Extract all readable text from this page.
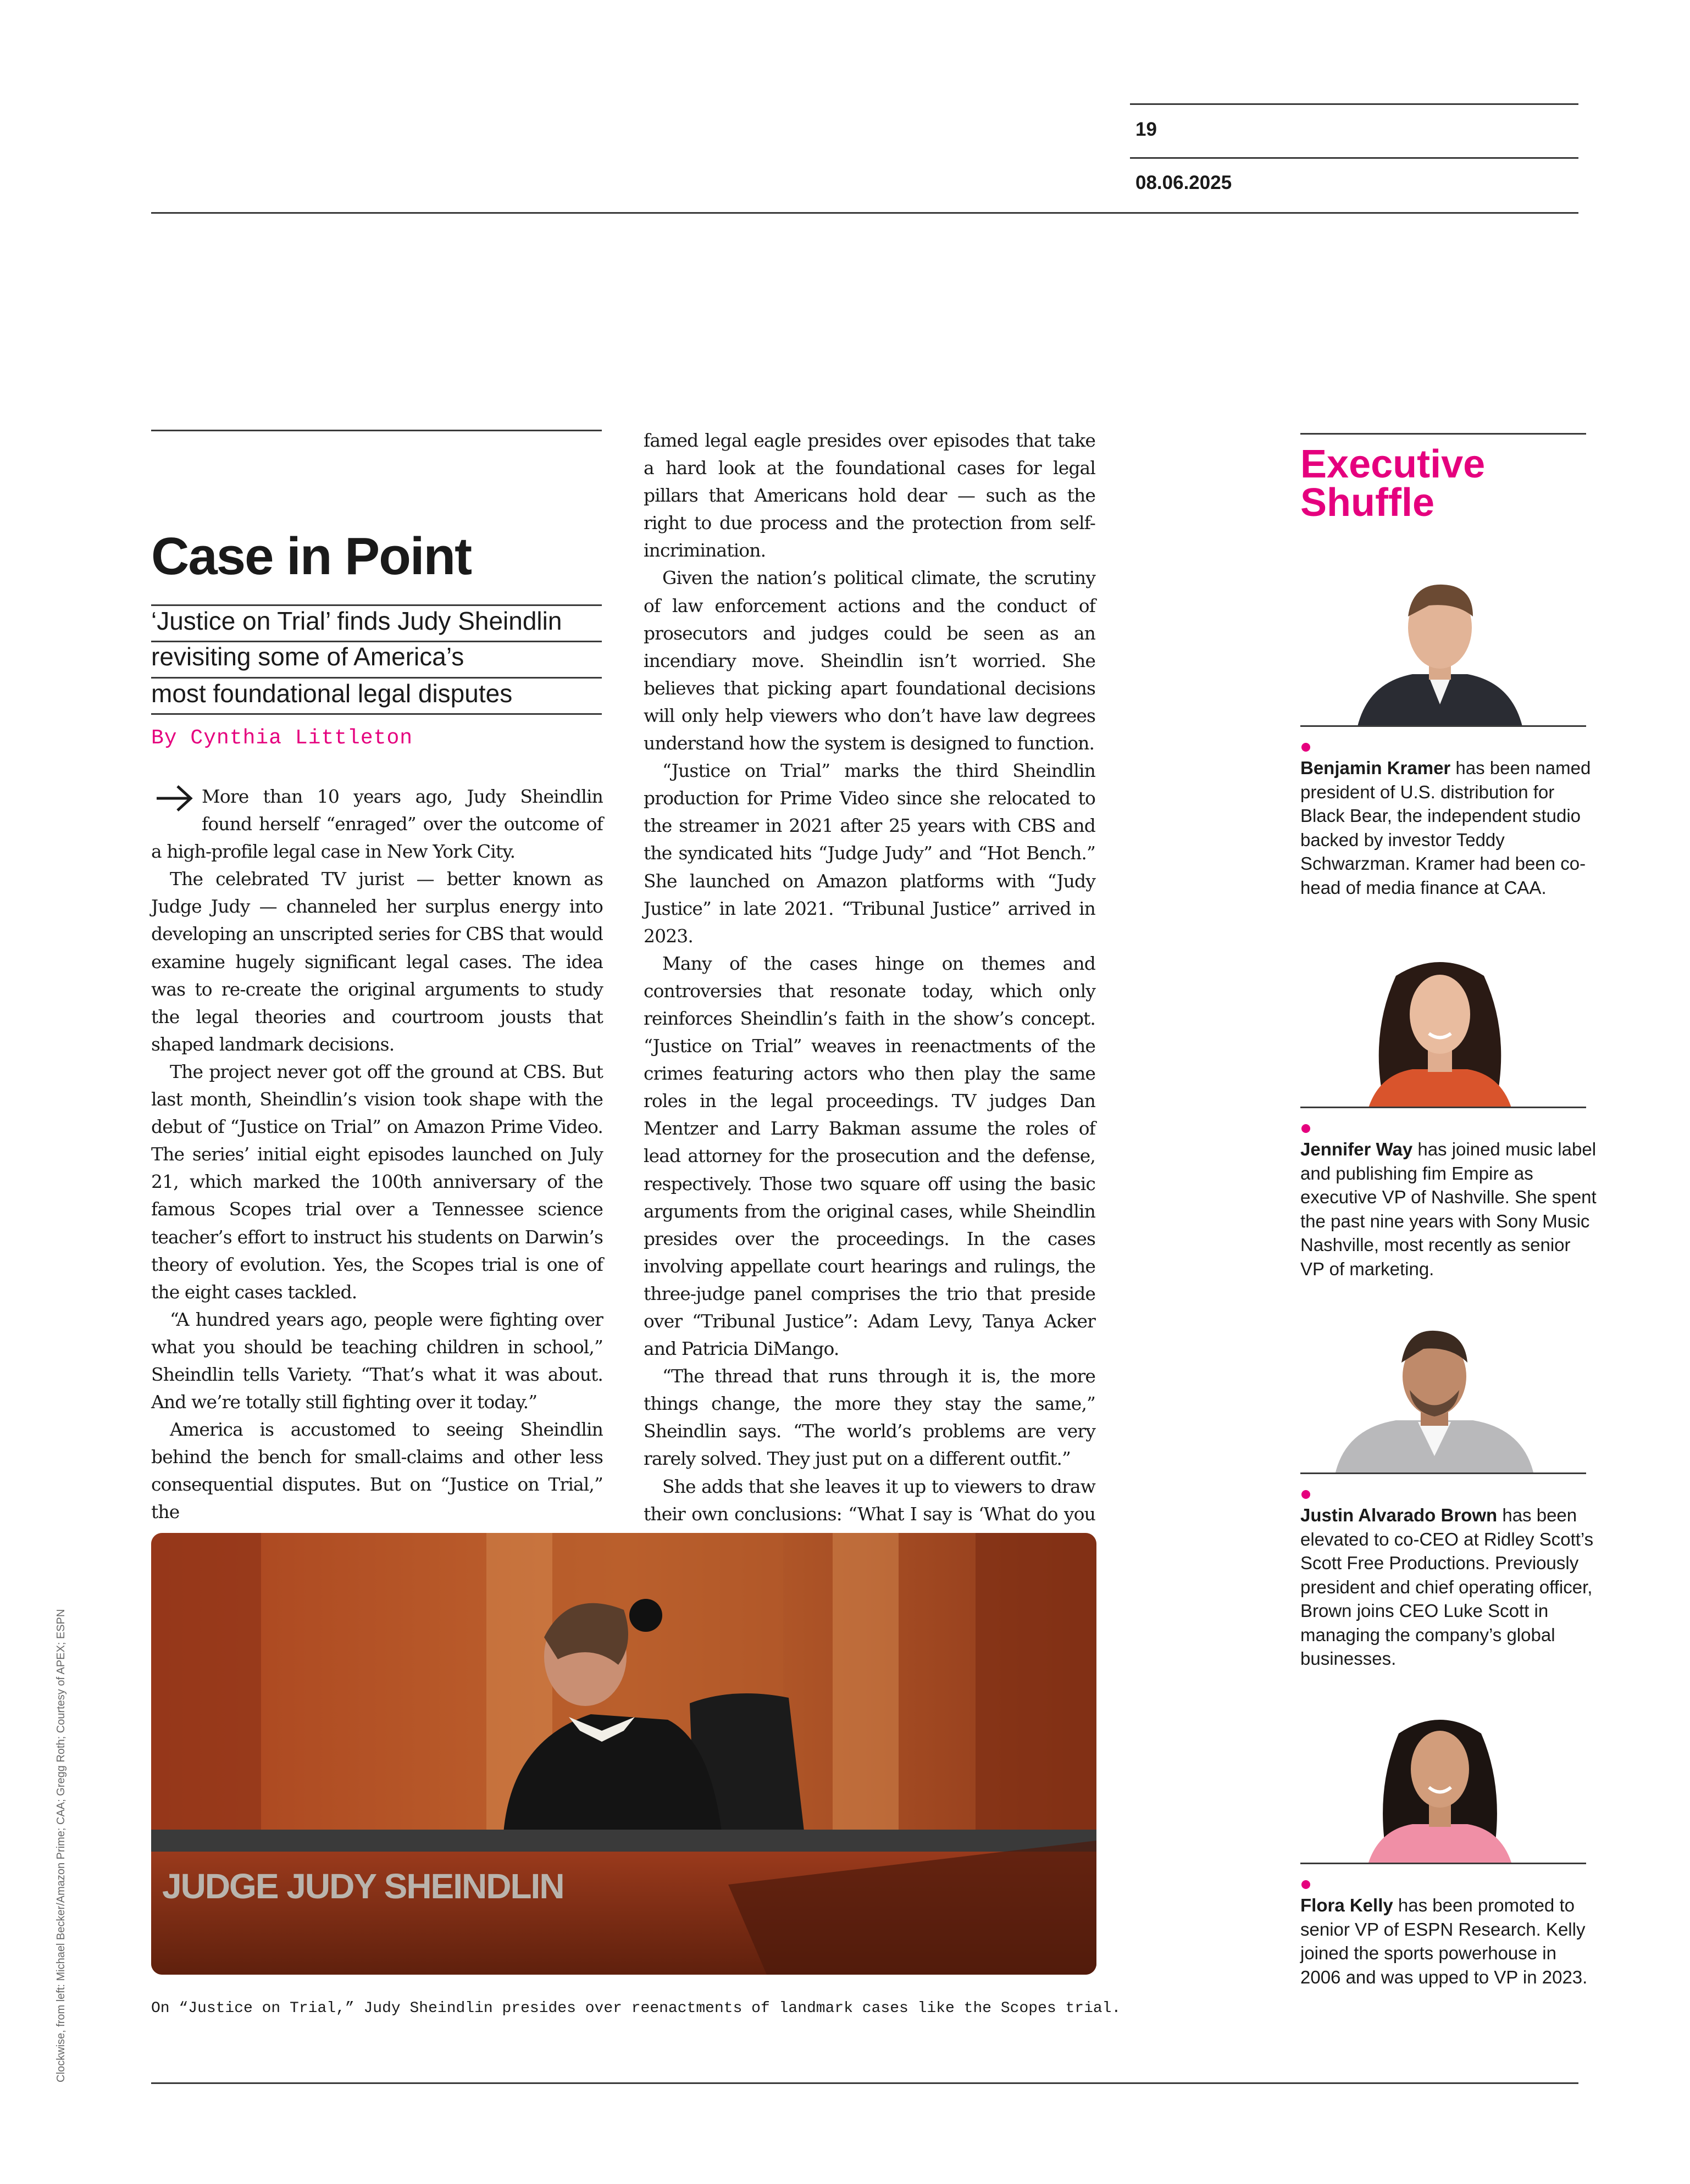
19
08.06.2025
Case in Point
‘Justice on Trial’ finds Judy Sheindlin
revisiting some of America’s
most foundational legal disputes
By Cynthia Littleton

More than 10 years ago, Judy Sheindlin found herself “enraged” over the outcome of a high-profile legal case in New York City.

The celebrated TV jurist — better known as Judge Judy — channeled her surplus energy into developing an unscripted series for CBS that would examine hugely significant legal cases. The idea was to re-create the original arguments to study the legal theories and courtroom jousts that shaped landmark decisions.

The project never got off the ground at CBS. But last month, Sheindlin’s vision took shape with the debut of “Justice on Trial” on Amazon Prime Video. The series’ initial eight episodes launched on July 21, which marked the 100th anniversary of the famous Scopes trial over a Tennessee science teacher’s effort to instruct his students on Darwin’s theory of evolution. Yes, the Scopes trial is one of the eight cases tackled.

“A hundred years ago, people were fighting over what you should be teaching children in school,” Sheindlin tells Variety. “That’s what it was about. And we’re totally still fighting over it today.”

America is accustomed to seeing Sheindlin behind the bench for small-claims and other less consequential disputes. But on “Justice on Trial,” the

famed legal eagle presides over episodes that take a hard look at the foundational cases for legal pillars that Americans hold dear — such as the right to due process and the protection from self-incrimination.

Given the nation’s political climate, the scrutiny of law enforcement actions and the conduct of prosecutors and judges could be seen as an incendiary move. Sheindlin isn’t worried. She believes that picking apart foundational decisions will only help viewers who don’t have law degrees understand how the system is designed to function.

“Justice on Trial” marks the third Sheindlin production for Prime Video since she relocated to the streamer in 2021 after 25 years with CBS and the syndicated hits “Judge Judy” and “Hot Bench.” She launched on Amazon platforms with “Judy Justice” in late 2021. “Tribunal Justice” arrived in 2023.

Many of the cases hinge on themes and controversies that resonate today, which only reinforces Sheindlin’s faith in the show’s concept. “Justice on Trial” weaves in reenactments of the crimes featuring actors who then play the same roles in the legal proceedings. TV judges Dan Mentzer and Larry Bakman assume the roles of lead attorney for the prosecution and the defense, respectively. Those two square off using the basic arguments from the original cases, while Sheindlin presides over the proceedings. In the cases involving appellate court hearings and rulings, the three-judge panel comprises the trio that preside over “Tribunal Justice”: Adam Levy, Tanya Acker and Patricia DiMango.

“The thread that runs through it is, the more things change, the more they stay the same,” Sheindlin says. “The world’s problems are very rarely solved. They just put on a different outfit.”

She adds that she leaves it up to viewers to draw their own conclusions: “What I say is ‘What do you

JUDGE JUDY SHEINDLIN
On “Justice on Trial,” Judy Sheindlin presides over reenactments of landmark cases like the Scopes trial.
Clockwise, from left: Michael Becker/Amazon Prime; CAA; Gregg Roth; Courtesy of APEX; ESPN
Executive
Shuffle
Benjamin Kramer has been named president of U.S. distribution for Black Bear, the independent studio backed by investor Teddy Schwarzman. Kramer had been co-head of media finance at CAA.
Jennifer Way has joined music label and publishing fim Empire as executive VP of Nashville. She spent the past nine years with Sony Music Nashville, most recently as senior VP of marketing.
Justin Alvarado Brown has been elevated to co-CEO at Ridley Scott’s Scott Free Productions. Previously president and chief operating officer, Brown joins CEO Luke Scott in managing the company’s global businesses.
Flora Kelly has been promoted to senior VP of ESPN Research. Kelly joined the sports powerhouse in 2006 and was upped to VP in 2023.
